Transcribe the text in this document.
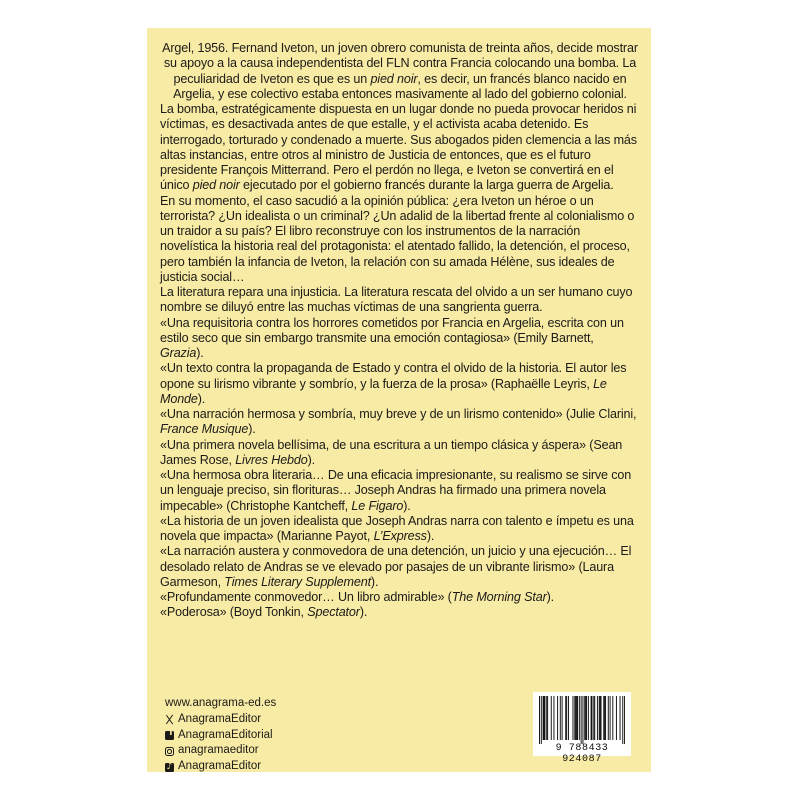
Argel, 1956. Fernand Iveton, un joven obrero comunista de treinta años, decide mostrar su apoyo a la causa independentista del FLN contra Francia colocando una bomba. La peculiaridad de Iveton es que es un pied noir, es decir, un francés blanco nacido en Argelia, y ese colectivo estaba entonces masivamente al lado del gobierno colonial.

La bomba, estratégicamente dispuesta en un lugar donde no pueda provocar heridos ni víctimas, es desactivada antes de que estalle, y el activista acaba detenido. Es interrogado, torturado y condenado a muerte. Sus abogados piden clemencia a las más altas instancias, entre otros al ministro de Justicia de entonces, que es el futuro presidente François Mitterrand. Pero el perdón no llega, e Iveton se convertirá en el único pied noir ejecutado por el gobierno francés durante la larga guerra de Argelia.

En su momento, el caso sacudió a la opinión pública: ¿era Iveton un héroe o un terrorista? ¿Un idealista o un criminal? ¿Un adalid de la libertad frente al colonialismo o un traidor a su país? El libro reconstruye con los instrumentos de la narración novelística la historia real del protagonista: el atentado fallido, la detención, el proceso, pero también la infancia de Iveton, la relación con su amada Hélène, sus ideales de justicia social…

La literatura repara una injusticia. La literatura rescata del olvido a un ser humano cuyo nombre se diluyó entre las muchas víctimas de una sangrienta guerra.

«Una requisitoria contra los horrores cometidos por Francia en Argelia, escrita con un estilo seco que sin embargo transmite una emoción contagiosa» (Emily Barnett, Grazia).

«Un texto contra la propaganda de Estado y contra el olvido de la historia. El autor les opone su lirismo vibrante y sombrío, y la fuerza de la prosa» (Raphaëlle Leyris, Le Monde).

«Una narración hermosa y sombría, muy breve y de un lirismo contenido» (Julie Clarini, France Musique).

«Una primera novela bellísima, de una escritura a un tiempo clásica y áspera» (Sean James Rose, Livres Hebdo).

«Una hermosa obra literaria… De una eficacia impresionante, su realismo se sirve con un lenguaje preciso, sin florituras… Joseph Andras ha firmado una primera novela impecable» (Christophe Kantcheff, Le Figaro).

«La historia de un joven idealista que Joseph Andras narra con talento e ímpetu es una novela que impacta» (Marianne Payot, L’Express).

«La narración austera y conmovedora de una detención, un juicio y una ejecución… El desolado relato de Andras se ve elevado por pasajes de un vibrante lirismo» (Laura Garmeson, Times Literary Supplement).

«Profundamente conmovedor… Un libro admirable» (The Morning Star).

«Poderosa» (Boyd Tonkin, Spectator).

www.anagrama-ed.es
AnagramaEditor
f
AnagramaEditorial
anagramaeditor
♪
AnagramaEditor
9 788433 924087
